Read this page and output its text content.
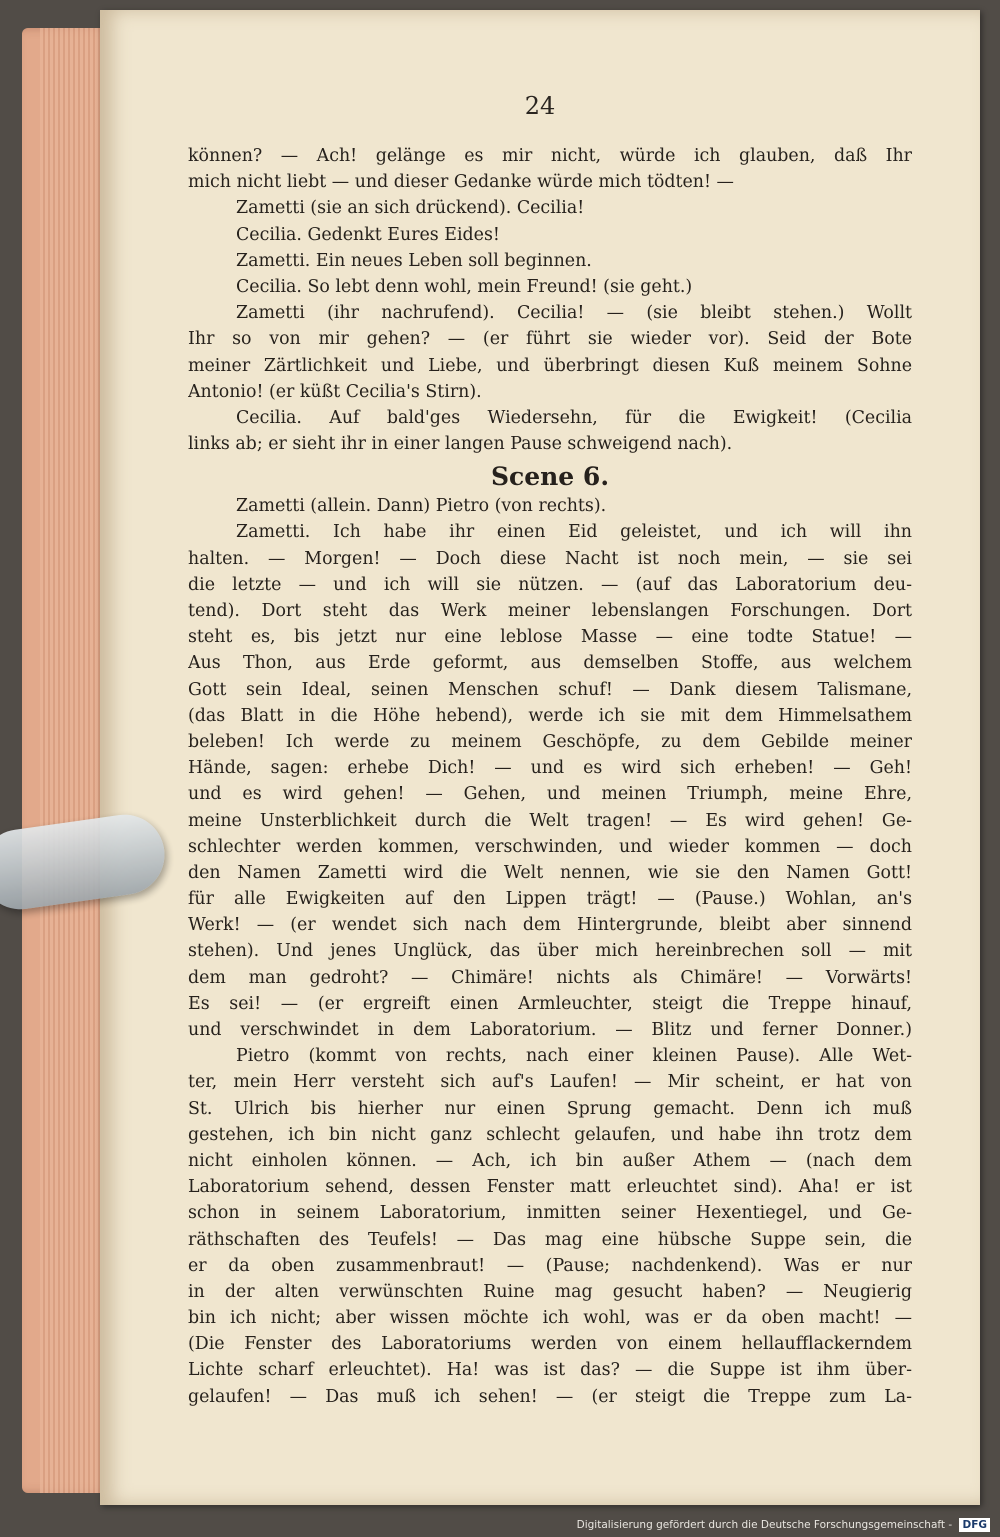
24
können? — Ach! gelänge es mir nicht, würde ich glauben, daß Ihr
mich nicht liebt — und dieser Gedanke würde mich tödten! —
Zametti (sie an sich drückend). Cecilia!
Cecilia. Gedenkt Eures Eides!
Zametti. Ein neues Leben soll beginnen.
Cecilia. So lebt denn wohl, mein Freund! (sie geht.)
Zametti (ihr nachrufend). Cecilia! — (sie bleibt stehen.) Wollt
Ihr so von mir gehen? — (er führt sie wieder vor). Seid der Bote
meiner Zärtlichkeit und Liebe, und überbringt diesen Kuß meinem Sohne
Antonio! (er küßt Cecilia's Stirn).
Cecilia. Auf bald'ges Wiedersehn, für die Ewigkeit! (Cecilia
links ab; er sieht ihr in einer langen Pause schweigend nach).
Scene 6.
Zametti (allein. Dann) Pietro (von rechts).
Zametti. Ich habe ihr einen Eid geleistet, und ich will ihn
halten. — Morgen! — Doch diese Nacht ist noch mein, — sie sei
die letzte — und ich will sie nützen. — (auf das Laboratorium deu-
tend). Dort steht das Werk meiner lebenslangen Forschungen. Dort
steht es, bis jetzt nur eine leblose Masse — eine todte Statue! —
Aus Thon, aus Erde geformt, aus demselben Stoffe, aus welchem
Gott sein Ideal, seinen Menschen schuf! — Dank diesem Talismane,
(das Blatt in die Höhe hebend), werde ich sie mit dem Himmelsathem
beleben! Ich werde zu meinem Geschöpfe, zu dem Gebilde meiner
Hände, sagen: erhebe Dich! — und es wird sich erheben! — Geh!
und es wird gehen! — Gehen, und meinen Triumph, meine Ehre,
meine Unsterblichkeit durch die Welt tragen! — Es wird gehen! Ge-
schlechter werden kommen, verschwinden, und wieder kommen — doch
den Namen Zametti wird die Welt nennen, wie sie den Namen Gott!
für alle Ewigkeiten auf den Lippen trägt! — (Pause.) Wohlan, an's
Werk! — (er wendet sich nach dem Hintergrunde, bleibt aber sinnend
stehen). Und jenes Unglück, das über mich hereinbrechen soll — mit
dem man gedroht? — Chimäre! nichts als Chimäre! — Vorwärts!
Es sei! — (er ergreift einen Armleuchter, steigt die Treppe hinauf,
und verschwindet in dem Laboratorium. — Blitz und ferner Donner.)
Pietro (kommt von rechts, nach einer kleinen Pause). Alle Wet-
ter, mein Herr versteht sich auf's Laufen! — Mir scheint, er hat von
St. Ulrich bis hierher nur einen Sprung gemacht. Denn ich muß
gestehen, ich bin nicht ganz schlecht gelaufen, und habe ihn trotz dem
nicht einholen können. — Ach, ich bin außer Athem — (nach dem
Laboratorium sehend, dessen Fenster matt erleuchtet sind). Aha! er ist
schon in seinem Laboratorium, inmitten seiner Hexentiegel, und Ge-
räthschaften des Teufels! — Das mag eine hübsche Suppe sein, die
er da oben zusammenbraut! — (Pause; nachdenkend). Was er nur
in der alten verwünschten Ruine mag gesucht haben? — Neugierig
bin ich nicht; aber wissen möchte ich wohl, was er da oben macht! —
(Die Fenster des Laboratoriums werden von einem hellaufflackerndem
Lichte scharf erleuchtet). Ha! was ist das? — die Suppe ist ihm über-
gelaufen! — Das muß ich sehen! — (er steigt die Treppe zum La-
Digitalisierung gefördert durch die Deutsche Forschungsgemeinschaft - DFG
